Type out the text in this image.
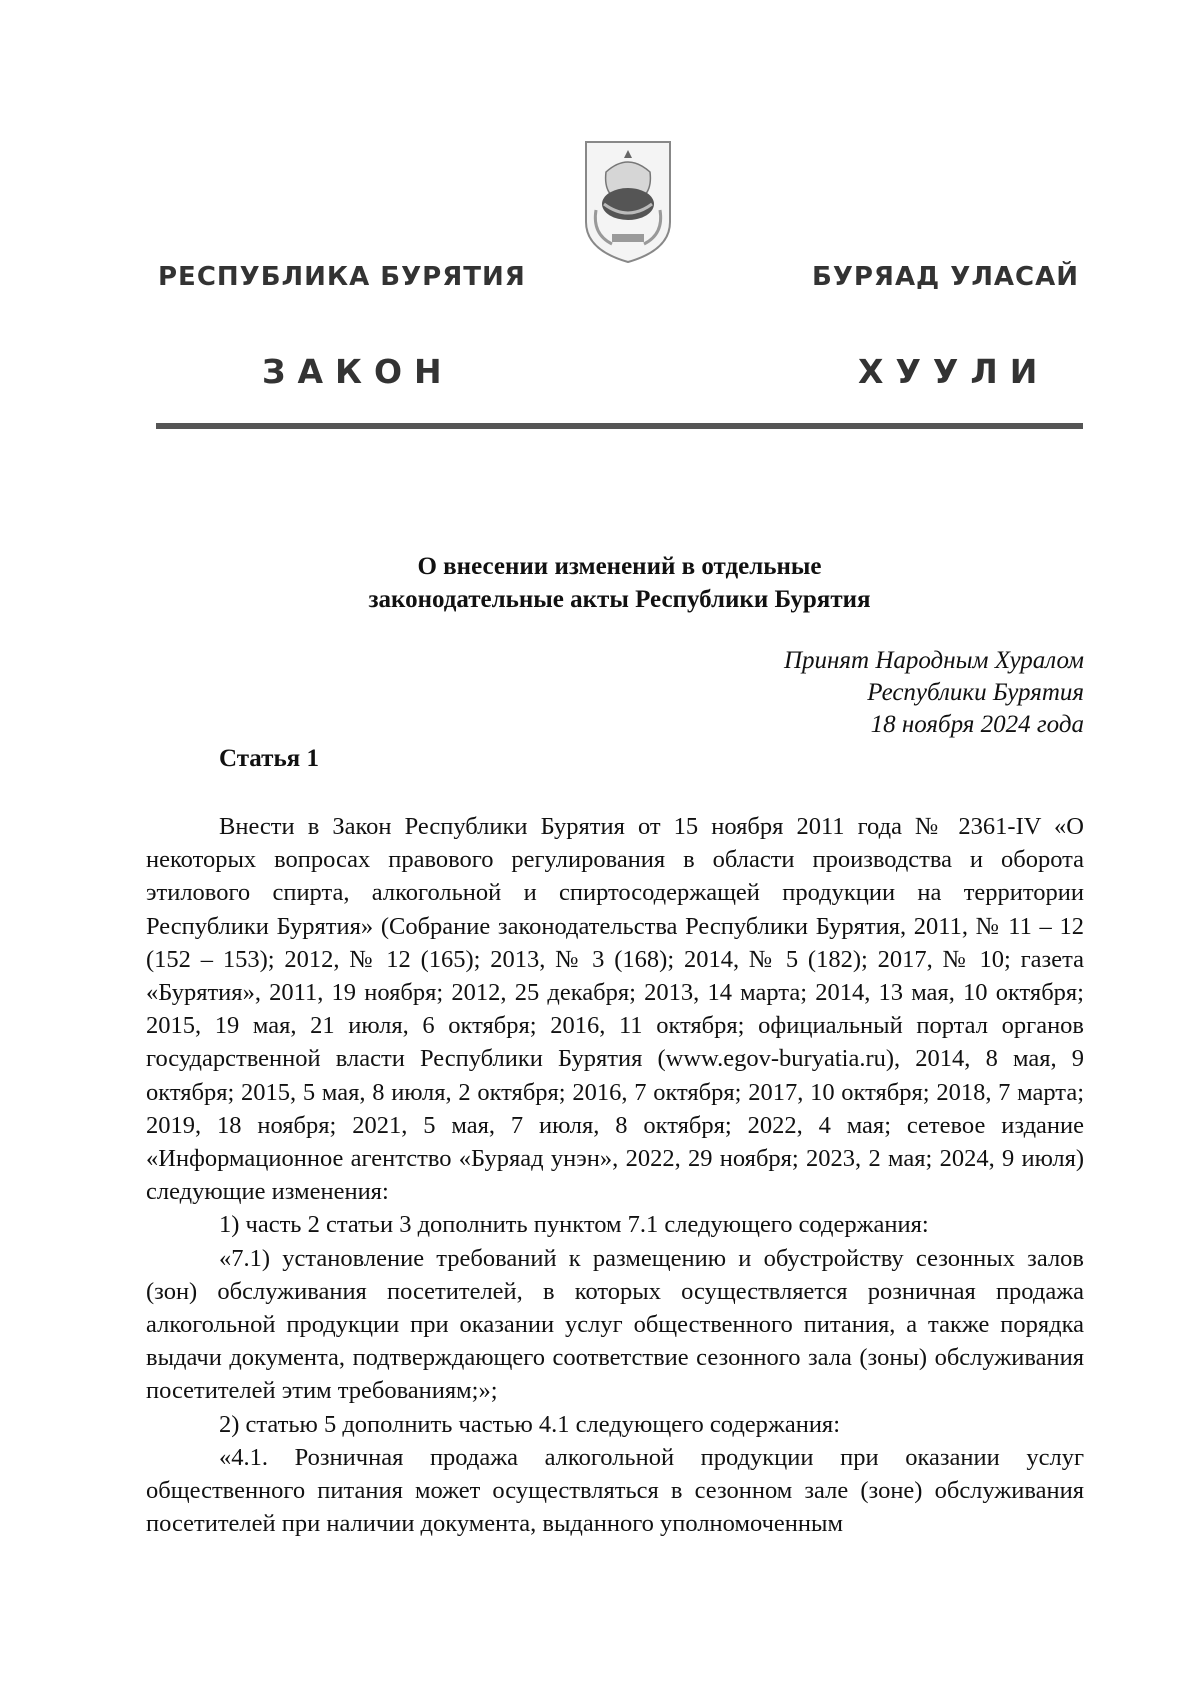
РЕСПУБЛИКА БУРЯТИЯ	БУРЯАД УЛАСАЙ
ЗАКОН	ХУУЛИ
О внесении изменений в отдельные
законодательные акты Республики Бурятия
Принят Народным Хуралом
Республики Бурятия
18 ноября 2024 года
Статья 1

Внести в Закон Республики Бурятия от 15 ноября 2011 года № 2361-IV «О некоторых вопросах правового регулирования в области производства и оборота этилового спирта, алкогольной и спиртосодержащей продукции на территории Республики Бурятия» (Собрание законодательства Республики Бурятия, 2011, № 11 – 12 (152 – 153); 2012, № 12 (165); 2013, № 3 (168); 2014, № 5 (182); 2017, № 10; газета «Бурятия», 2011, 19 ноября; 2012, 25 декабря; 2013, 14 марта; 2014, 13 мая, 10 октября; 2015, 19 мая, 21 июля, 6 октября; 2016, 11 октября; официальный портал органов государственной власти Республики Бурятия (www.egov-buryatia.ru), 2014, 8 мая, 9 октября; 2015, 5 мая, 8 июля, 2 октября; 2016, 7 октября; 2017, 10 октября; 2018, 7 марта; 2019, 18 ноября; 2021, 5 мая, 7 июля, 8 октября; 2022, 4 мая; сетевое издание «Информационное агентство «Буряад унэн», 2022, 29 ноября; 2023, 2 мая; 2024, 9 июля) следующие изменения:

1) часть 2 статьи 3 дополнить пунктом 7.1 следующего содержания:

«7.1) установление требований к размещению и обустройству сезонных залов (зон) обслуживания посетителей, в которых осуществляется розничная продажа алкогольной продукции при оказании услуг общественного питания, а также порядка выдачи документа, подтверждающего соответствие сезонного зала (зоны) обслуживания посетителей этим требованиям;»;

2) статью 5 дополнить частью 4.1 следующего содержания:

«4.1. Розничная продажа алкогольной продукции при оказании услуг общественного питания может осуществляться в сезонном зале (зоне) обслуживания посетителей при наличии документа, выданного уполномоченным
